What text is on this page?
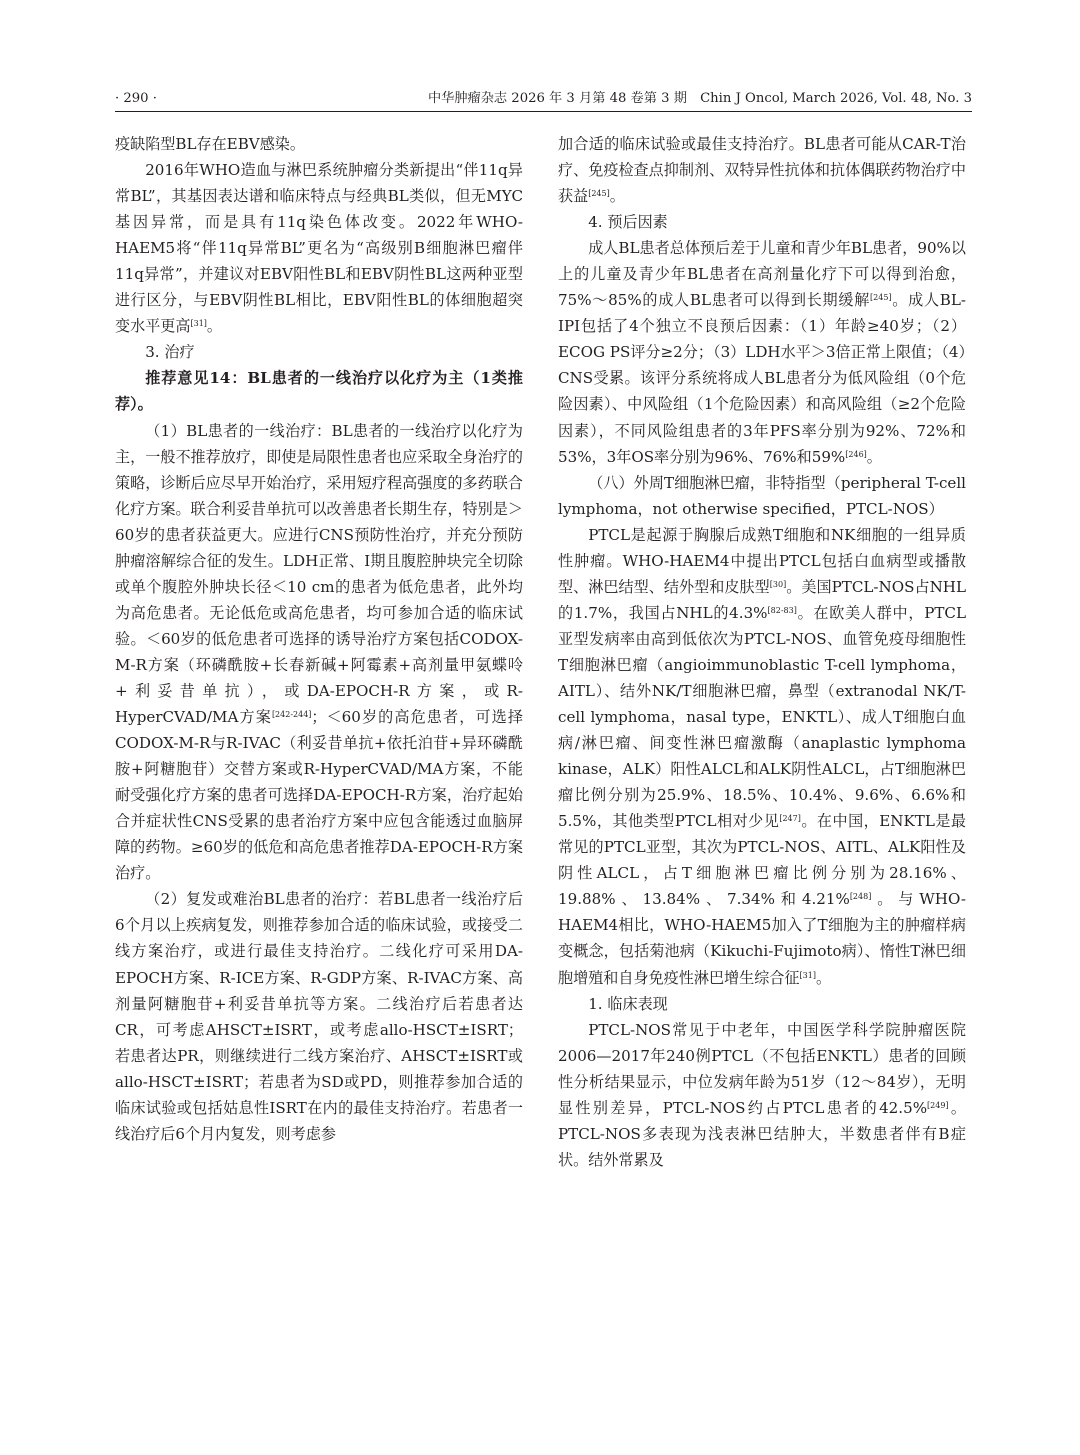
· 290 ·	中华肿瘤杂志 2026 年 3 月第 48 卷第 3 期　Chin J Oncol, March 2026, Vol. 48, No. 3

疫缺陷型BL存在EBV感染。

2016年WHO造血与淋巴系统肿瘤分类新提出“伴11q异常BL”，其基因表达谱和临床特点与经典BL类似，但无MYC基因异常，而是具有11q染色体改变。2022年WHO-HAEM5将“伴11q异常BL”更名为“高级别B细胞淋巴瘤伴11q异常”，并建议对EBV阳性BL和EBV阴性BL这两种亚型进行区分，与EBV阴性BL相比，EBV阳性BL的体细胞超突变水平更高[31]。

3. 治疗

推荐意见14：BL患者的一线治疗以化疗为主（1类推荐）。

（1）BL患者的一线治疗：BL患者的一线治疗以化疗为主，一般不推荐放疗，即使是局限性患者也应采取全身治疗的策略，诊断后应尽早开始治疗，采用短疗程高强度的多药联合化疗方案。联合利妥昔单抗可以改善患者长期生存，特别是＞60岁的患者获益更大。应进行CNS预防性治疗，并充分预防肿瘤溶解综合征的发生。LDH正常、Ⅰ期且腹腔肿块完全切除或单个腹腔外肿块长径＜10 cm的患者为低危患者，此外均为高危患者。无论低危或高危患者，均可参加合适的临床试验。＜60岁的低危患者可选择的诱导治疗方案包括CODOX-M-R方案（环磷酰胺+长春新碱+阿霉素+高剂量甲氨蝶呤+利妥昔单抗），或DA-EPOCH-R方案，或R-HyperCVAD/MA方案[242-244]；＜60岁的高危患者，可选择CODOX-M-R与R-IVAC（利妥昔单抗+依托泊苷+异环磷酰胺+阿糖胞苷）交替方案或R-HyperCVAD/MA方案，不能耐受强化疗方案的患者可选择DA-EPOCH-R方案，治疗起始合并症状性CNS受累的患者治疗方案中应包含能透过血脑屏障的药物。≥60岁的低危和高危患者推荐DA-EPOCH-R方案治疗。

（2）复发或难治BL患者的治疗：若BL患者一线治疗后6个月以上疾病复发，则推荐参加合适的临床试验，或接受二线方案治疗，或进行最佳支持治疗。二线化疗可采用DA-EPOCH方案、R-ICE方案、R-GDP方案、R-IVAC方案、高剂量阿糖胞苷+利妥昔单抗等方案。二线治疗后若患者达CR，可考虑AHSCT±ISRT，或考虑allo-HSCT±ISRT；若患者达PR，则继续进行二线方案治疗、AHSCT±ISRT或allo-HSCT±ISRT；若患者为SD或PD，则推荐参加合适的临床试验或包括姑息性ISRT在内的最佳支持治疗。若患者一线治疗后6个月内复发，则考虑参

加合适的临床试验或最佳支持治疗。BL患者可能从CAR-T治疗、免疫检查点抑制剂、双特异性抗体和抗体偶联药物治疗中获益[245]。

4. 预后因素

成人BL患者总体预后差于儿童和青少年BL患者，90%以上的儿童及青少年BL患者在高剂量化疗下可以得到治愈，75%～85%的成人BL患者可以得到长期缓解[245]。成人BL-IPI包括了4个独立不良预后因素：（1）年龄≥40岁；（2）ECOG PS评分≥2分；（3）LDH水平＞3倍正常上限值；（4）CNS受累。该评分系统将成人BL患者分为低风险组（0个危险因素）、中风险组（1个危险因素）和高风险组（≥2个危险因素），不同风险组患者的3年PFS率分别为92%、72%和53%，3年OS率分别为96%、76%和59%[246]。

（八）外周T细胞淋巴瘤，非特指型（peripheral T-cell lymphoma，not otherwise specified，PTCL-NOS）

PTCL是起源于胸腺后成熟T细胞和NK细胞的一组异质性肿瘤。WHO-HAEM4中提出PTCL包括白血病型或播散型、淋巴结型、结外型和皮肤型[30]。美国PTCL-NOS占NHL的1.7%，我国占NHL的4.3%[82-83]。在欧美人群中，PTCL亚型发病率由高到低依次为PTCL-NOS、血管免疫母细胞性T细胞淋巴瘤（angioimmunoblastic T-cell lymphoma，AITL）、结外NK/T细胞淋巴瘤，鼻型（extranodal NK/T-cell lymphoma，nasal type，ENKTL）、成人T细胞白血病/淋巴瘤、间变性淋巴瘤激酶（anaplastic lymphoma kinase，ALK）阳性ALCL和ALK阴性ALCL，占T细胞淋巴瘤比例分别为25.9%、18.5%、10.4%、9.6%、6.6%和5.5%，其他类型PTCL相对少见[247]。在中国，ENKTL是最常见的PTCL亚型，其次为PTCL-NOS、AITL、ALK阳性及阴性ALCL，占T细胞淋巴瘤比例分别为28.16%、19.88%、13.84%、7.34%和4.21%[248]。与WHO-HAEM4相比，WHO-HAEM5加入了T细胞为主的肿瘤样病变概念，包括菊池病（Kikuchi-Fujimoto病）、惰性T淋巴细胞增殖和自身免疫性淋巴增生综合征[31]。

1. 临床表现

PTCL-NOS常见于中老年，中国医学科学院肿瘤医院2006—2017年240例PTCL（不包括ENKTL）患者的回顾性分析结果显示，中位发病年龄为51岁（12～84岁），无明显性别差异，PTCL-NOS约占PTCL患者的42.5%[249]。PTCL-NOS多表现为浅表淋巴结肿大，半数患者伴有B症状。结外常累及
